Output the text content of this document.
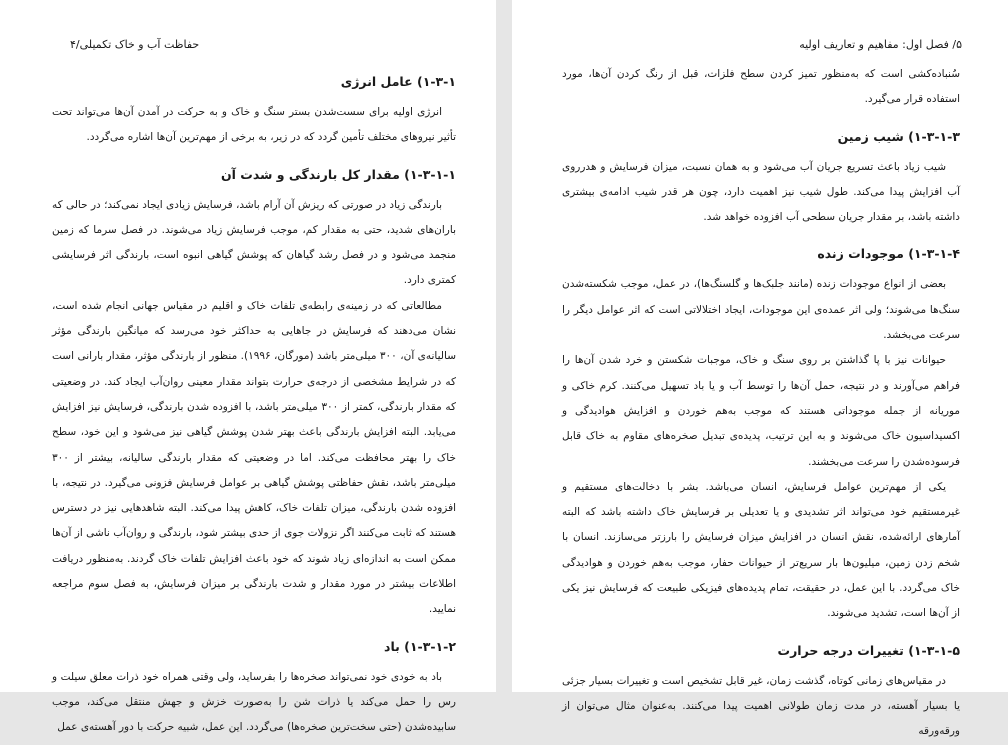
حفاظت آب و خاک تکمیلی/۴
۱-۳-۱) عامل انرژی

انرژی اولیه برای سست‌شدن بستر سنگ و خاک و به حرکت در آمدن آن‌ها می‌تواند تحت تأثیر نیروهای مختلف تأمین گردد که در زیر، به برخی از مهم‌ترین آن‌ها اشاره می‌گردد.

۱-۳-۱-۱) مقدار کل بارندگی و شدت آن

بارندگی زیاد در صورتی که ریزش آن آرام باشد، فرسایش زیادی ایجاد نمی‌کند؛ در حالی که باران‌های شدید، حتی به مقدار کم، موجب فرسایش زیاد می‌شوند. در فصل سرما که زمین منجمد می‌شود و در فصل رشد گیاهان که پوشش گیاهی انبوه است، بارندگی اثر فرسایشی کمتری دارد.

مطالعاتی که در زمینه‌ی رابطه‌ی تلفات خاک و اقلیم در مقیاس جهانی انجام شده است، نشان می‌دهند که فرسایش در جاهایی به حداکثر خود می‌رسد که میانگین بارندگی مؤثر سالیانه‌ی آن، ۳۰۰ میلی‌متر باشد (مورگان، ۱۹۹۶). منظور از بارندگی مؤثر، مقدار بارانی است که در شرایط مشخصی از درجه‌ی حرارت بتواند مقدار معینی روان‌آب ایجاد کند. در وضعیتی که مقدار بارندگی، کمتر از ۳۰۰ میلی‌متر باشد، با افزوده شدن بارندگی، فرسایش نیز افزایش می‌یابد. البته افزایش بارندگی باعث بهتر شدن پوشش گیاهی نیز می‌شود و این خود، سطح خاک را بهتر محافظت می‌کند. اما در وضعیتی که مقدار بارندگی سالیانه، بیشتر از ۳۰۰ میلی‌متر باشد، نقش حفاظتی پوشش گیاهی بر عوامل فرسایش فزونی می‌گیرد. در نتیجه، با افزوده شدن بارندگی، میزان تلفات خاک، کاهش پیدا می‌کند. البته شاهدهایی نیز در دسترس هستند که ثابت می‌کنند اگر نزولات جوی از حدی بیشتر شود، بارندگی و روان‌آب ناشی از آن‌ها ممکن است به اندازه‌ای زیاد شوند که خود باعث افزایش تلفات خاک گردند. به‌منظور دریافت اطلاعات بیشتر در مورد مقدار و شدت بارندگی بر میزان فرسایش، به فصل سوم مراجعه نمایید.

۱-۳-۱-۲) باد

باد به خودی خود نمی‌تواند صخره‌ها را بفرساید، ولی وقتی همراه خود ذرات معلق سیلت و رس را حمل می‌کند یا ذرات شن را به‌صورت خزش و جهش منتقل می‌کند، موجب سابیده‌شدن (حتی سخت‌ترین صخره‌ها) می‌گردد. این عمل، شبیه حرکت با دور آهسته‌ی عمل

۵/ فصل اول: مفاهیم و تعاریف اولیه

سُنباده‌کشی است که به‌منظور تمیز کردن سطح فلزات، قبل از رنگ کردن آن‌ها، مورد استفاده قرار می‌گیرد.

۱-۳-۱-۳) شیب زمین

شیب زیاد باعث تسریع جریان آب می‌شود و به همان نسبت، میزان فرسایش و هدرروی آب افزایش پیدا می‌کند. طول شیب نیز اهمیت دارد، چون هر قدر شیب ادامه‌ی بیشتری داشته باشد، بر مقدار جریان سطحی آب افزوده خواهد شد.

۱-۳-۱-۴) موجودات زنده

بعضی از انواع موجودات زنده (مانند جلبک‌ها و گلسنگ‌ها)، در عمل، موجب شکسته‌شدن سنگ‌ها می‌شوند؛ ولی اثر عمده‌ی این موجودات، ایجاد اختلالاتی است که اثر عوامل دیگر را سرعت می‌بخشد.

حیوانات نیز با پا گذاشتن بر روی سنگ و خاک، موجبات شکستن و خرد شدن آن‌ها را فراهم می‌آورند و در نتیجه، حمل آن‌ها را توسط آب و یا باد تسهیل می‌کنند. کرم خاکی و موریانه از جمله موجوداتی هستند که موجب به‌هم خوردن و افزایش هوادیدگی و اکسیداسیون خاک می‌شوند و به این ترتیب، پدیده‌ی تبدیل صخره‌های مقاوم به خاک قابل فرسوده‌شدن را سرعت می‌بخشند.

یکی از مهم‌ترین عوامل فرسایش، انسان می‌باشد. بشر با دخالت‌های مستقیم و غیرمستقیم خود می‌تواند اثر تشدیدی و یا تعدیلی بر فرسایش خاک داشته باشد که البته آمارهای ارائه‌شده، نقش انسان در افزایش میزان فرسایش را بارزتر می‌سازند. انسان با شخم زدن زمین، میلیون‌ها بار سریع‌تر از حیوانات حفار، موجب به‌هم خوردن و هوادیدگی خاک می‌گردد. با این عمل، در حقیقت، تمام پدیده‌های فیزیکی طبیعت که فرسایش نیز یکی از آن‌ها است، تشدید می‌شوند.

۱-۳-۱-۵) تغییرات درجه حرارت

در مقیاس‌های زمانی کوتاه، گذشت زمان، غیر قابل تشخیص است و تغییرات بسیار جزئی یا بسیار آهسته، در مدت زمان طولانی اهمیت پیدا می‌کنند. به‌عنوان مثال می‌توان از ورقه‌ورقه
